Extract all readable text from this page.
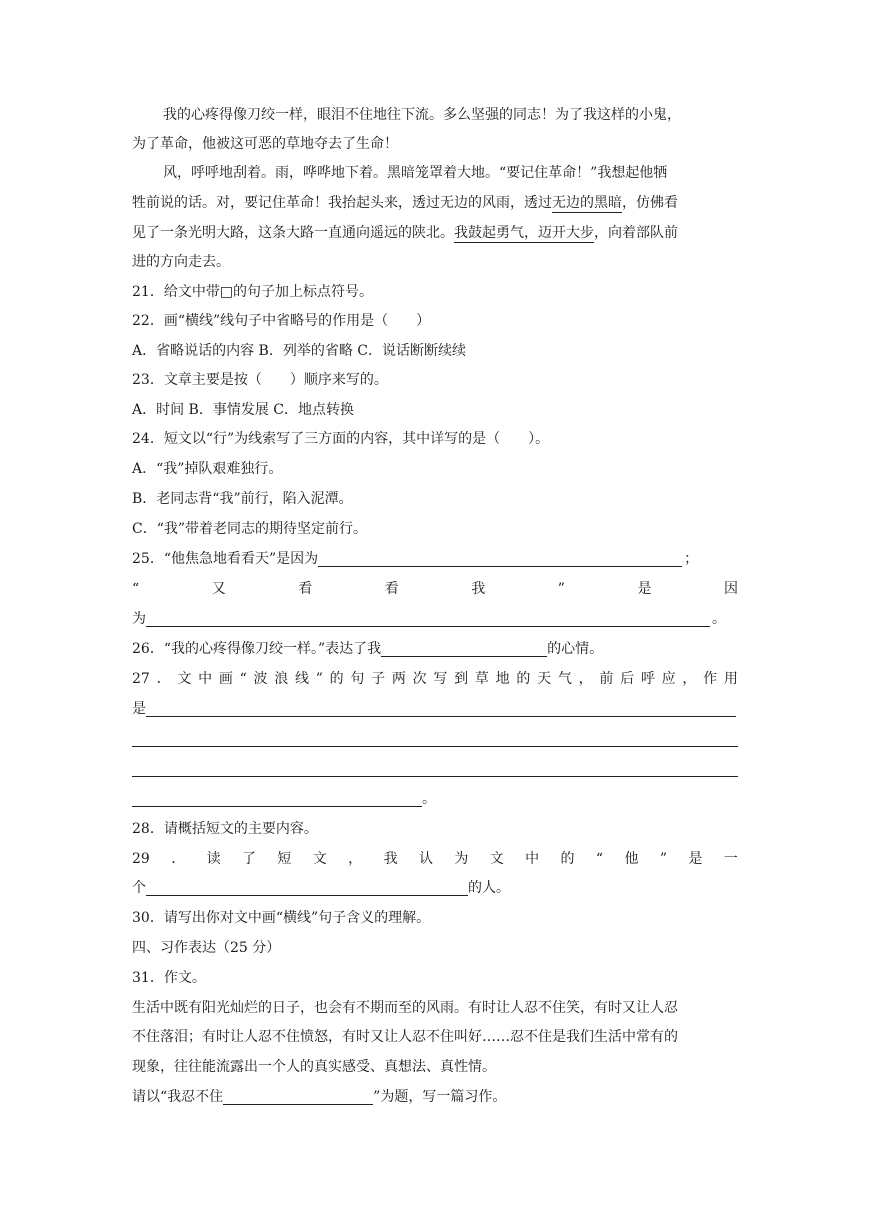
我的心疼得像刀绞一样，眼泪不住地往下流。多么坚强的同志！为了我这样的小鬼，
为了革命，他被这可恶的草地夺去了生命！
风，呼呼地刮着。雨，哗哗地下着。黑暗笼罩着大地。“要记住革命！”我想起他牺
牲前说的话。对，要记住革命！我抬起头来，透过无边的风雨，透过无边的黑暗，仿佛看
见了一条光明大路，这条大路一直通向遥远的陕北。我鼓起勇气，迈开大步，向着部队前
进的方向走去。
21．给文中带□的句子加上标点符号。
22．画“横线”线句子中省略号的作用是（　　）
A．省略说话的内容 B．列举的省略 C．说话断断续续
23．文章主要是按（　　）顺序来写的。
A．时间 B．事情发展 C．地点转换
24．短文以“行”为线索写了三方面的内容，其中详写的是（　　）。
A．“我”掉队艰难独行。
B．老同志背“我”前行，陷入泥潭。
C．“我”带着老同志的期待坚定前行。
25．“他焦急地看看天”是因为	；
“	又	看	看	我	”	是	因
为	。
26．“我的心疼得像刀绞一样。”表达了我	的心情。
27 ． 文 中 画 “ 波 浪 线 ” 的 句 子 两 次 写 到 草 地 的 天 气 ， 前 后 呼 应 ， 作 用
是
。
28．请概括短文的主要内容。
29 ． 读 了 短 文 ， 我 认 为 文 中 的 “ 他 ” 是 一
个	的人。
30．请写出你对文中画“横线”句子含义的理解。
四、习作表达（25 分）
31．作文。
生活中既有阳光灿烂的日子，也会有不期而至的风雨。有时让人忍不住笑，有时又让人忍
不住落泪；有时让人忍不住愤怒，有时又让人忍不住叫好……忍不住是我们生活中常有的
现象，往往能流露出一个人的真实感受、真想法、真性情。
请以“我忍不住	”为题，写一篇习作。
